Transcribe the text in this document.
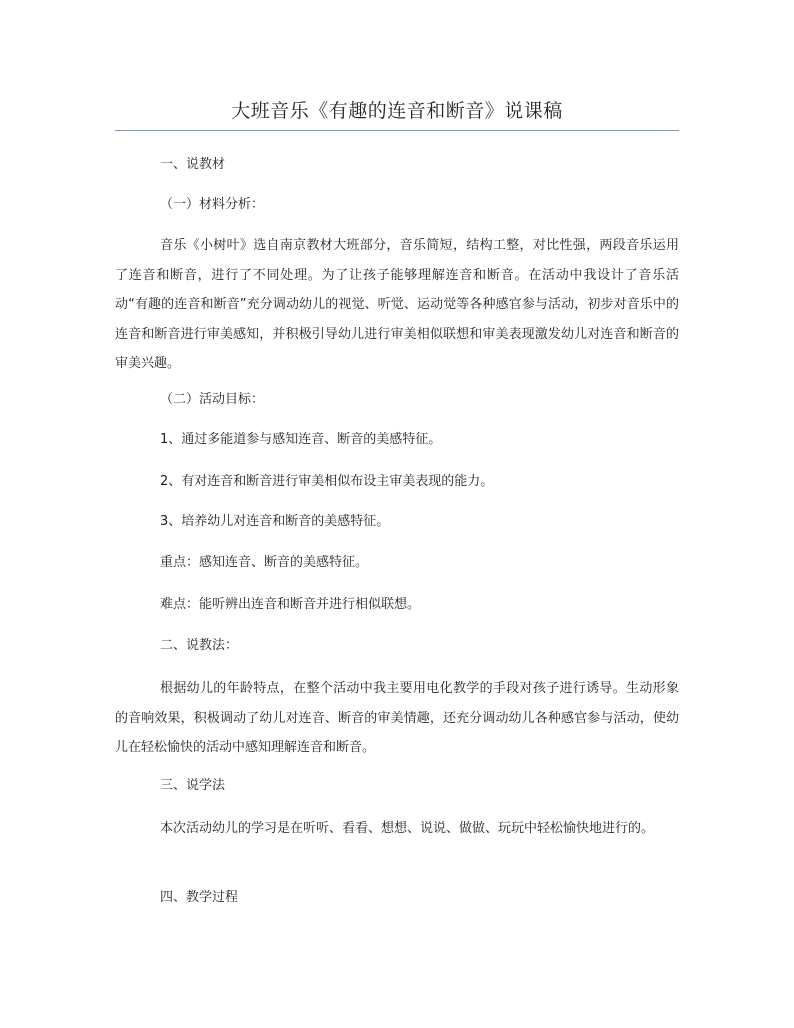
大班音乐《有趣的连音和断音》说课稿

一、说教材

（一）材料分析：

音乐《小树叶》选自南京教材大班部分，音乐简短，结构工整，对比性强，两段音乐运用了连音和断音，进行了不同处理。为了让孩子能够理解连音和断音。在活动中我设计了音乐活动“有趣的连音和断音”充分调动幼儿的视觉、听觉、运动觉等各种感官参与活动，初步对音乐中的连音和断音进行审美感知，并积极引导幼儿进行审美相似联想和审美表现激发幼儿对连音和断音的审美兴趣。

（二）活动目标：

1、通过多能道参与感知连音、断音的美感特征。

2、有对连音和断音进行审美相似布设主审美表现的能力。

3、培养幼儿对连音和断音的美感特征。

重点：感知连音、断音的美感特征。

难点：能听辨出连音和断音并进行相似联想。

二、说教法：

根据幼儿的年龄特点，在整个活动中我主要用电化教学的手段对孩子进行诱导。生动形象的音响效果，积极调动了幼儿对连音、断音的审美情趣，还充分调动幼儿各种感官参与活动，使幼儿在轻松愉快的活动中感知理解连音和断音。

三、说学法

本次活动幼儿的学习是在听听、看看、想想、说说、做做、玩玩中轻松愉快地进行的。

四、教学过程
